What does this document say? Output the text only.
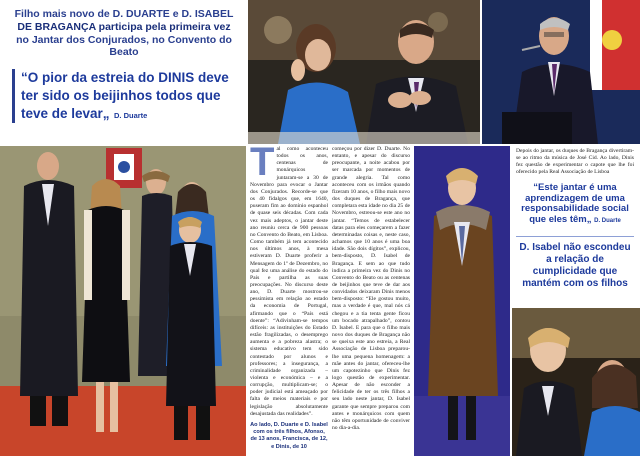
Filho mais novo de D. DUARTE e D. ISABEL
DE BRAGANÇA participa pela primeira vez
no Jantar dos Conjurados, no Convento do Beato
“O pior da estreia do DINIS deve ter sido os beijinhos todos que teve de levar„ D. Duarte
T al como aconteceu todos os anos, centenas de monárquicos juntaram-se a 30 de Novembro para evocar o Jantar dos Conjurados. Recorde-se que os 40 fidalgos que, em 1640, puseram fim ao domínio espanhol de quase seis décadas. Com cada vez mais adeptos, o jantar deste ano reuniu cerca de 900 pessoas no Convento do Beato, em Lisboa. Como também já tem acontecido nos últimos anos, à mesa estiveram D. Duarte proferir a Mensagem do 1º de Dezembro, no qual fez uma análise do estado do País e partilha as suas preocupações. No discurso deste ano, D. Duarte mostrou-se pessimista em relação ao estado da economia de Portugal, afirmando que o “País está doente”: “Adivinham-se tempos difíceis: as instituições do Estado estão fragilizadas, o desemprego aumenta e a pobreza alastra; o sistema educativo tem sido contestado por alunos e professores; a insegurança, a criminalidade organizada – violenta e económica – e a corrupção, multiplicam-se; o poder judicial está ameaçado por falta de meios materiais e por legislação absolutamente desajustada das realidades”.
Ao lado, D. Duarte e D. Isabel com os três filhos, Afonso, de 13 anos, Francisca, de 12, e Dinis, de 10
começou por dizer D. Duarte. No entanto, e apesar do discurso preocupante, a noite acabou por ser marcada por momentos de grande alegria. Tal como aconteceu com os irmãos quando fizeram 10 anos, o filho mais novo dos duques de Bragança, que completara esta idade no dia 25 de Novembro, estreou-se este ano no jantar. “Temos de estabelecer datas para eles começarem a fazer determinadas coisas e, neste caso, achamos que 10 anos é uma boa idade. São dois dígitos”, explicou, bem-disposto, D. Isabel de Bragança. E sem ao que tudo indica a primeira vez do Dinis no Convento do Beato ou as centenas de beijinhos que teve de dar aos convidados deixaram Dinis menos bem-disposto: “Ele gostou muito, mas a verdade é que, mal nós cá chegou e a tia tenta gente ficou um bocado atrapalhado”, contou D. Isabel. E para que o filho mais novo dos duques de Bragança não se queixa este ano estreia, a Real Associação de Lisboa preparou-lhe uma pequena homenagem: a mãe antes do jantar, ofereceu-lhe um capotezinho que Dinis fez logo questão de experimentar. Apesar de não esconder a felicidade de ter os três filhos a seu lado neste jantar, D. Isabel garante que sempre preparou com antes e monárquicos com quem não têm oportunidade de conviver no dia-a-dia.
Depois do jantar, os duques de Bragança divertiram-se ao ritmo da música de José Cid. Ao lado, Dinis fez questão de experimentar o capote que lhe foi oferecido pela Real Associação de Lisboa
“Este jantar é uma aprendizagem de uma responsabilidade social que eles têm„ D. Duarte
D. Isabel não escondeu a relação de cumplicidade que mantém com os filhos
